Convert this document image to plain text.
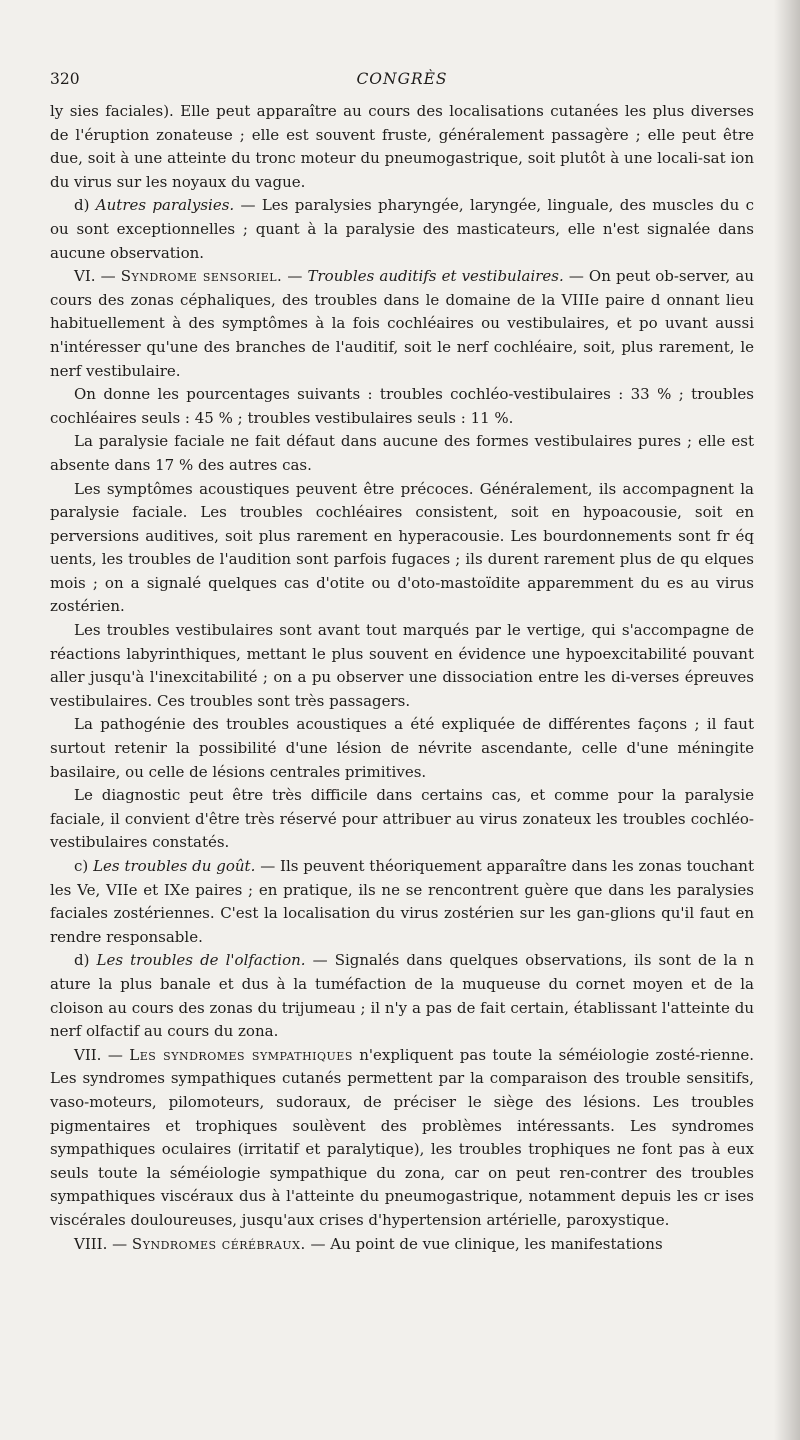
320	CONGRÈS

ly sies faciales). Elle peut apparaître au cours des localisations cutanées les plus diverses de l'éruption zonateuse ; elle est souvent fruste, généralement passagère ; elle peut être due, soit à une atteinte du tronc moteur du pneumogastrique, soit plutôt à une locali-sat ion du virus sur les noyaux du vague.

d) Autres paralysies. — Les paralysies pharyngée, laryngée, linguale, des muscles du c ou sont exceptionnelles ; quant à la paralysie des masticateurs, elle n'est signalée dans aucune observation.

VI. — Syndrome sensoriel. — Troubles auditifs et vestibulaires. — On peut ob-server, au cours des zonas céphaliques, des troubles dans le domaine de la VIIIe paire d onnant lieu habituellement à des symptômes à la fois cochléaires ou vestibulaires, et po uvant aussi n'intéresser qu'une des branches de l'auditif, soit le nerf cochléaire, soit, plus rarement, le nerf vestibulaire.

On donne les pourcentages suivants : troubles cochléo-vestibulaires : 33 % ; troubles cochléaires seuls : 45 % ; troubles vestibulaires seuls : 11 %.

La paralysie faciale ne fait défaut dans aucune des formes vestibulaires pures ; elle est absente dans 17 % des autres cas.

Les symptômes acoustiques peuvent être précoces. Généralement, ils accompagnent la paralysie faciale. Les troubles cochléaires consistent, soit en hypoacousie, soit en perversions auditives, soit plus rarement en hyperacousie. Les bourdonnements sont fr éq uents, les troubles de l'audition sont parfois fugaces ; ils durent rarement plus de qu elques mois ; on a signalé quelques cas d'otite ou d'oto-mastoïdite apparemment du es au virus zostérien.

Les troubles vestibulaires sont avant tout marqués par le vertige, qui s'accompagne de réactions labyrinthiques, mettant le plus souvent en évidence une hypoexcitabilité pouvant aller jusqu'à l'inexcitabilité ; on a pu observer une dissociation entre les di-verses épreuves vestibulaires. Ces troubles sont très passagers.

La pathogénie des troubles acoustiques a été expliquée de différentes façons ; il faut surtout retenir la possibilité d'une lésion de névrite ascendante, celle d'une méningite basilaire, ou celle de lésions centrales primitives.

Le diagnostic peut être très difficile dans certains cas, et comme pour la paralysie faciale, il convient d'être très réservé pour attribuer au virus zonateux les troubles cochléo-vestibulaires constatés.

c) Les troubles du goût. — Ils peuvent théoriquement apparaître dans les zonas touchant les Ve, VIIe et IXe paires ; en pratique, ils ne se rencontrent guère que dans les paralysies faciales zostériennes. C'est la localisation du virus zostérien sur les gan-glions qu'il faut en rendre responsable.

d) Les troubles de l'olfaction. — Signalés dans quelques observations, ils sont de la n ature la plus banale et dus à la tuméfaction de la muqueuse du cornet moyen et de la cloison au cours des zonas du trijumeau ; il n'y a pas de fait certain, établissant l'atteinte du nerf olfactif au cours du zona.

VII. — Les syndromes sympathiques n'expliquent pas toute la séméiologie zosté-rienne. Les syndromes sympathiques cutanés permettent par la comparaison des trouble sensitifs, vaso-moteurs, pilomoteurs, sudoraux, de préciser le siège des lésions. Les troubles pigmentaires et trophiques soulèvent des problèmes intéressants. Les syndromes sympathiques oculaires (irritatif et paralytique), les troubles trophiques ne font pas à eux seuls toute la séméiologie sympathique du zona, car on peut ren-contrer des troubles sympathiques viscéraux dus à l'atteinte du pneumogastrique, notamment depuis les cr ises viscérales douloureuses, jusqu'aux crises d'hypertension artérielle, paroxystique.

VIII. — Syndromes cérébraux. — Au point de vue clinique, les manifestations
